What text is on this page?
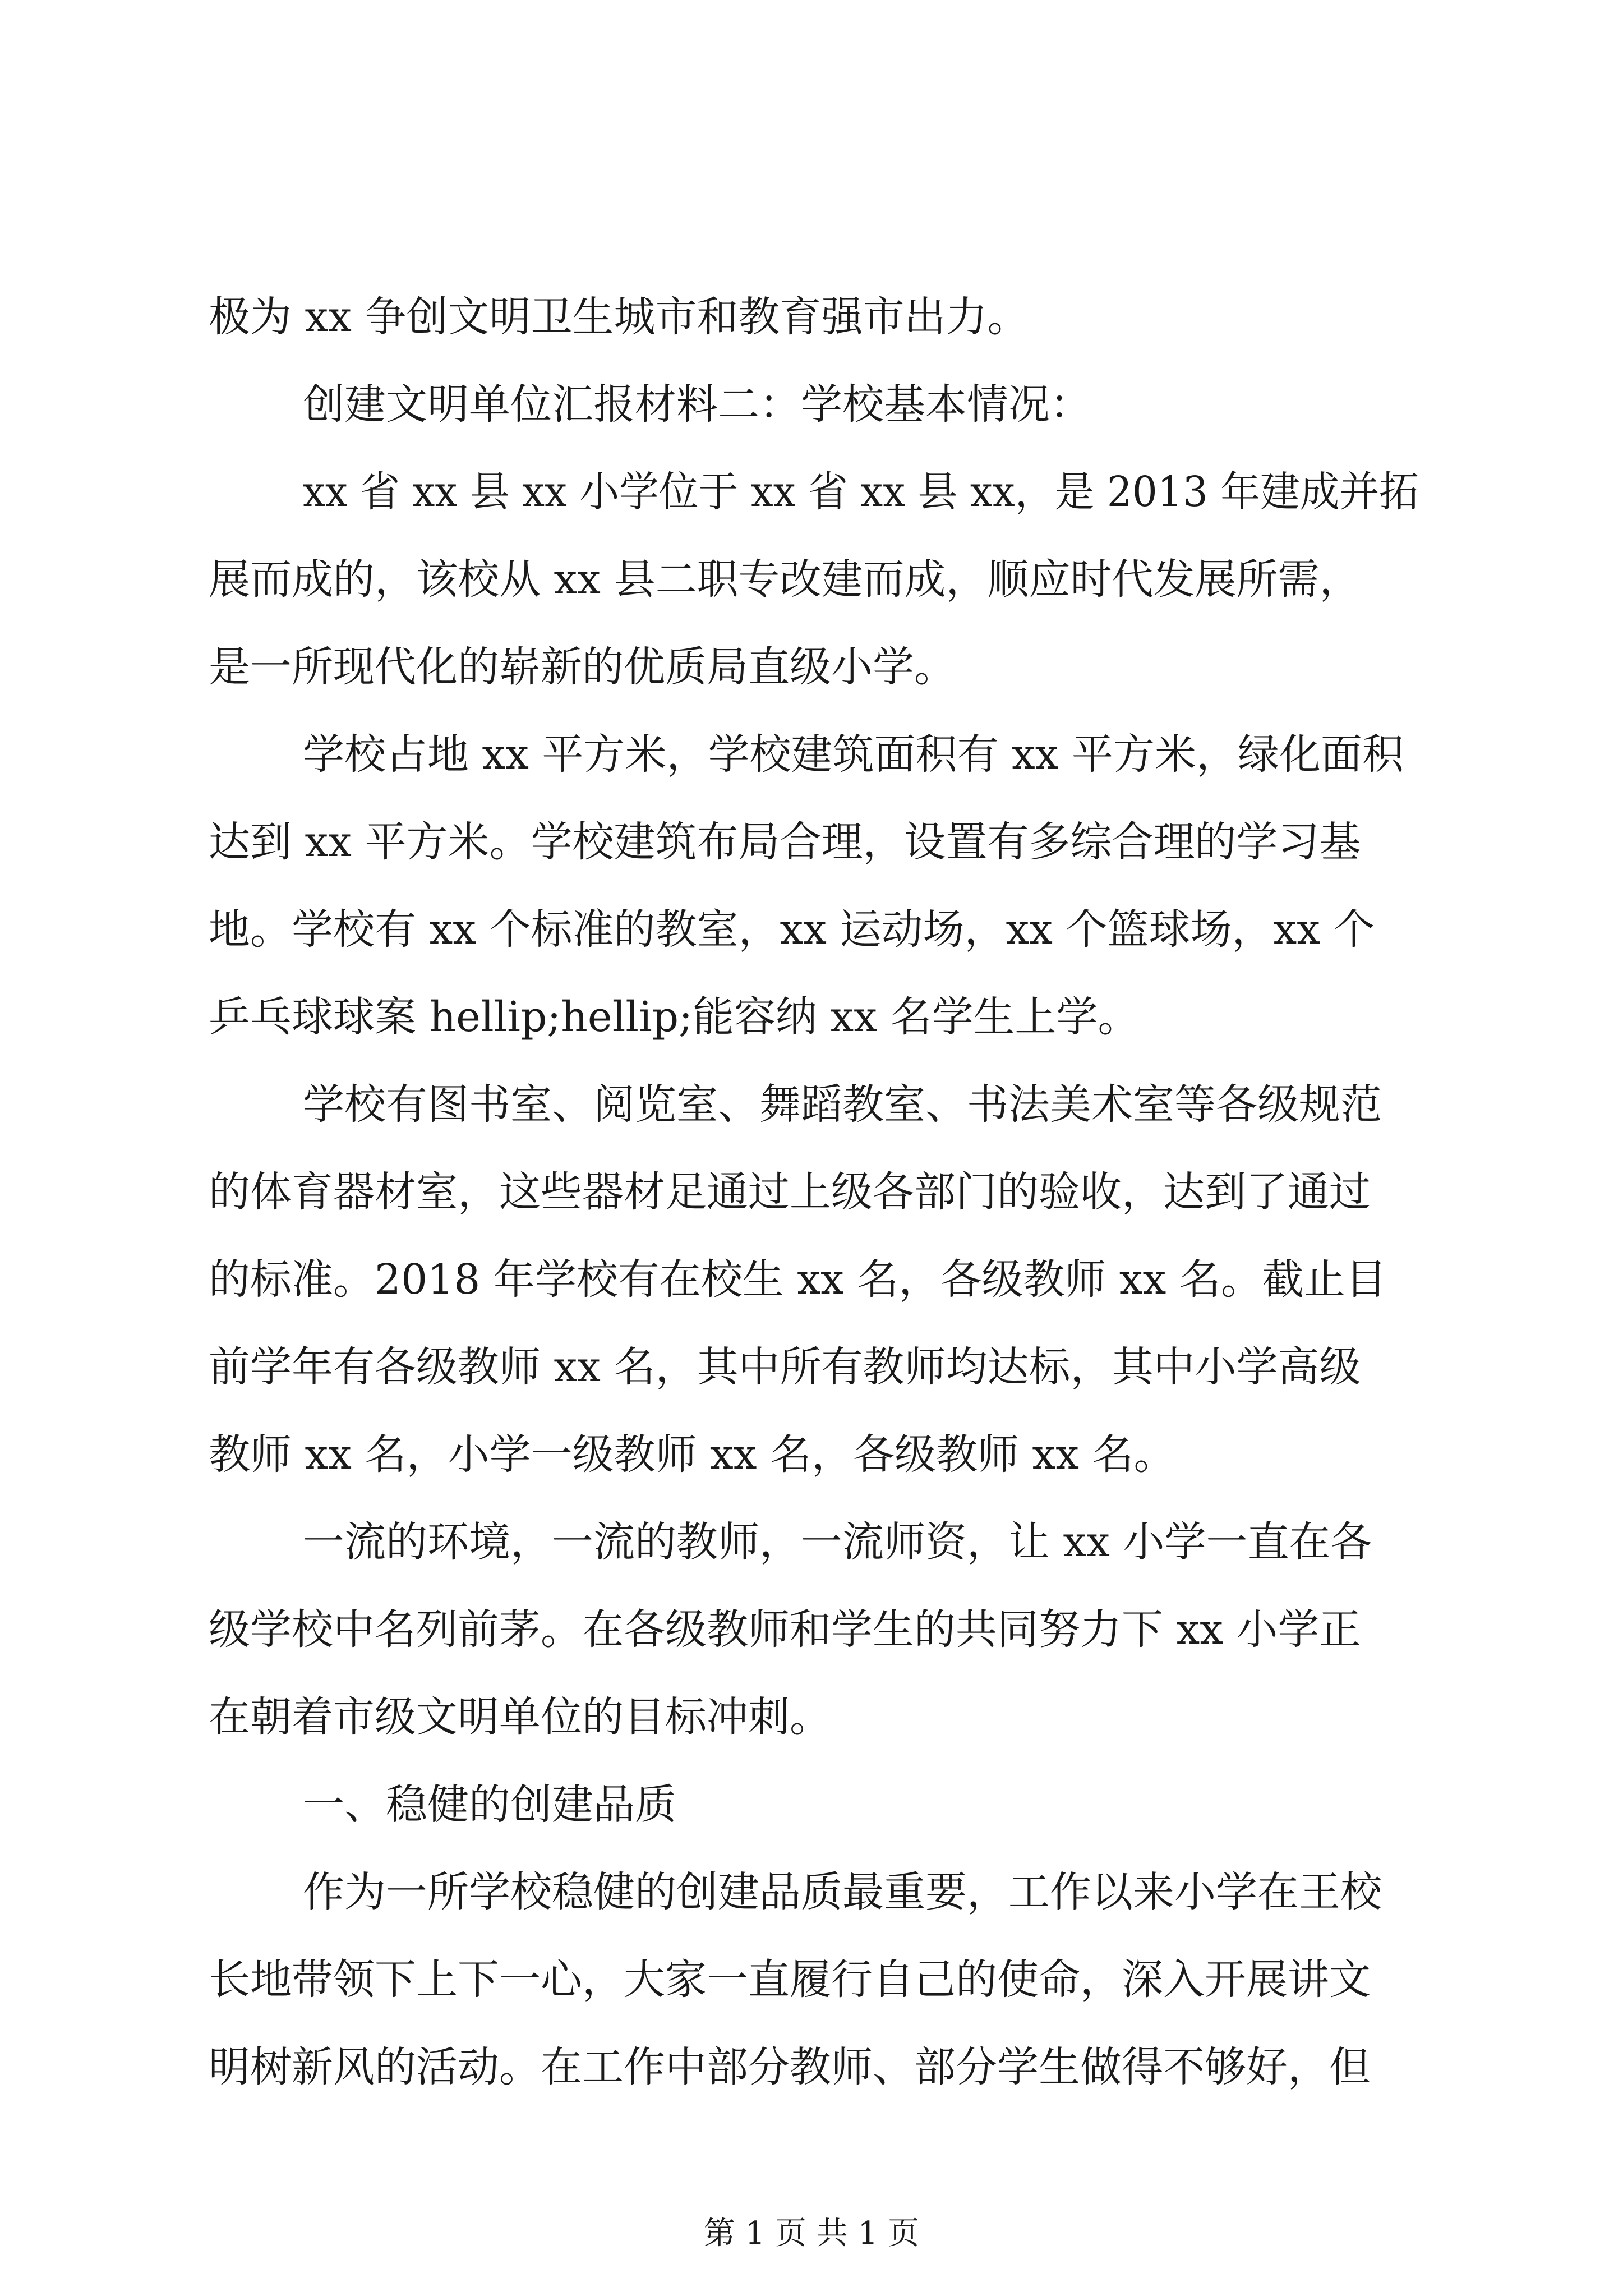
极为 xx 争创文明卫生城市和教育强市出力。
创建文明单位汇报材料二：学校基本情况：
xx 省 xx 县 xx 小学位于 xx 省 xx 县 xx，是 2013 年建成并拓
展而成的，该校从 xx 县二职专改建而成，顺应时代发展所需，
是一所现代化的崭新的优质局直级小学。
学校占地 xx 平方米，学校建筑面积有 xx 平方米，绿化面积
达到 xx 平方米。学校建筑布局合理，设置有多综合理的学习基
地。学校有 xx 个标准的教室，xx 运动场，xx 个篮球场，xx 个
乒乓球球案 hellip;hellip;能容纳 xx 名学生上学。
学校有图书室、阅览室、舞蹈教室、书法美术室等各级规范
的体育器材室，这些器材足通过上级各部门的验收，达到了通过
的标准。2018 年学校有在校生 xx 名，各级教师 xx 名。截止目
前学年有各级教师 xx 名，其中所有教师均达标，其中小学高级
教师 xx 名，小学一级教师 xx 名，各级教师 xx 名。
一流的环境，一流的教师，一流师资，让 xx 小学一直在各
级学校中名列前茅。在各级教师和学生的共同努力下 xx 小学正
在朝着市级文明单位的目标冲刺。
一、稳健的创建品质
作为一所学校稳健的创建品质最重要，工作以来小学在王校
长地带领下上下一心，大家一直履行自己的使命，深入开展讲文
明树新风的活动。在工作中部分教师、部分学生做得不够好，但
第 1 页 共 1 页
